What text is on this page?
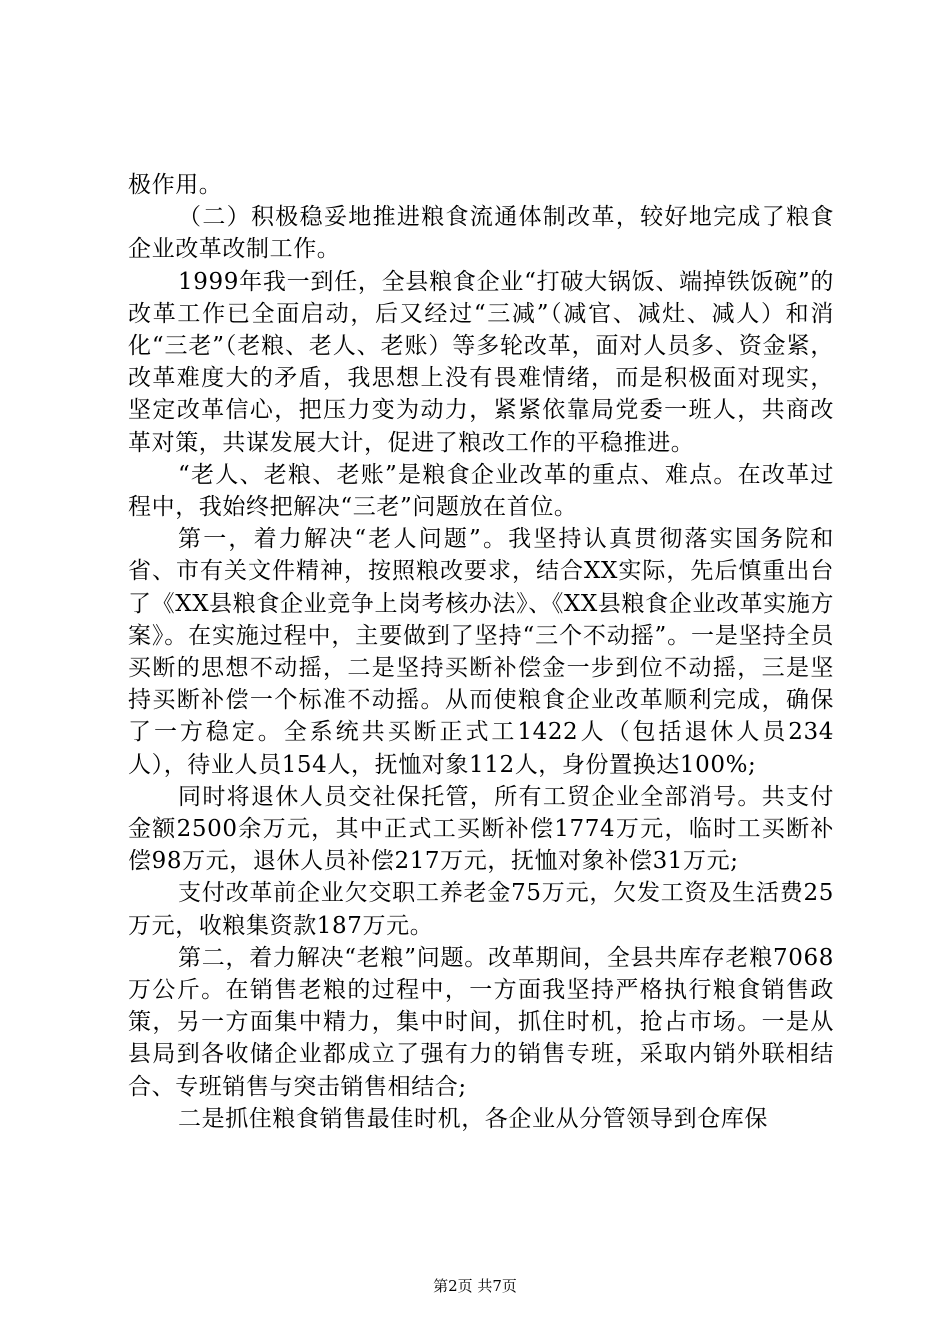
极作用。

（二）积极稳妥地推进粮食流通体制改革，较好地完成了粮食企业改革改制工作。

1999年我一到任，全县粮食企业“打破大锅饭、端掉铁饭碗”的改革工作已全面启动，后又经过“三减”（减官、减灶、减人）和消化“三老”（老粮、老人、老账）等多轮改革，面对人员多、资金紧，改革难度大的矛盾，我思想上没有畏难情绪，而是积极面对现实，坚定改革信心，把压力变为动力，紧紧依靠局党委一班人，共商改革对策，共谋发展大计，促进了粮改工作的平稳推进。

“老人、老粮、老账”是粮食企业改革的重点、难点。在改革过程中，我始终把解决“三老”问题放在首位。

第一，着力解决“老人问题”。我坚持认真贯彻落实国务院和省、市有关文件精神，按照粮改要求，结合XX实际，先后慎重出台了《XX县粮食企业竞争上岗考核办法》、《XX县粮食企业改革实施方案》。在实施过程中，主要做到了坚持“三个不动摇”。一是坚持全员买断的思想不动摇，二是坚持买断补偿金一步到位不动摇，三是坚持买断补偿一个标准不动摇。从而使粮食企业改革顺利完成，确保了一方稳定。全系统共买断正式工1422人（包括退休人员234人），待业人员154人，抚恤对象112人，身份置换达100%;

同时将退休人员交社保托管，所有工贸企业全部消号。共支付金额2500余万元，其中正式工买断补偿1774万元，临时工买断补偿98万元，退休人员补偿217万元，抚恤对象补偿31万元;

支付改革前企业欠交职工养老金75万元，欠发工资及生活费25万元，收粮集资款187万元。

第二，着力解决“老粮”问题。改革期间，全县共库存老粮7068万公斤。在销售老粮的过程中，一方面我坚持严格执行粮食销售政策，另一方面集中精力，集中时间，抓住时机，抢占市场。一是从县局到各收储企业都成立了强有力的销售专班，采取内销外联相结合、专班销售与突击销售相结合;

二是抓住粮食销售最佳时机，各企业从分管领导到仓库保

第2页 共7页
